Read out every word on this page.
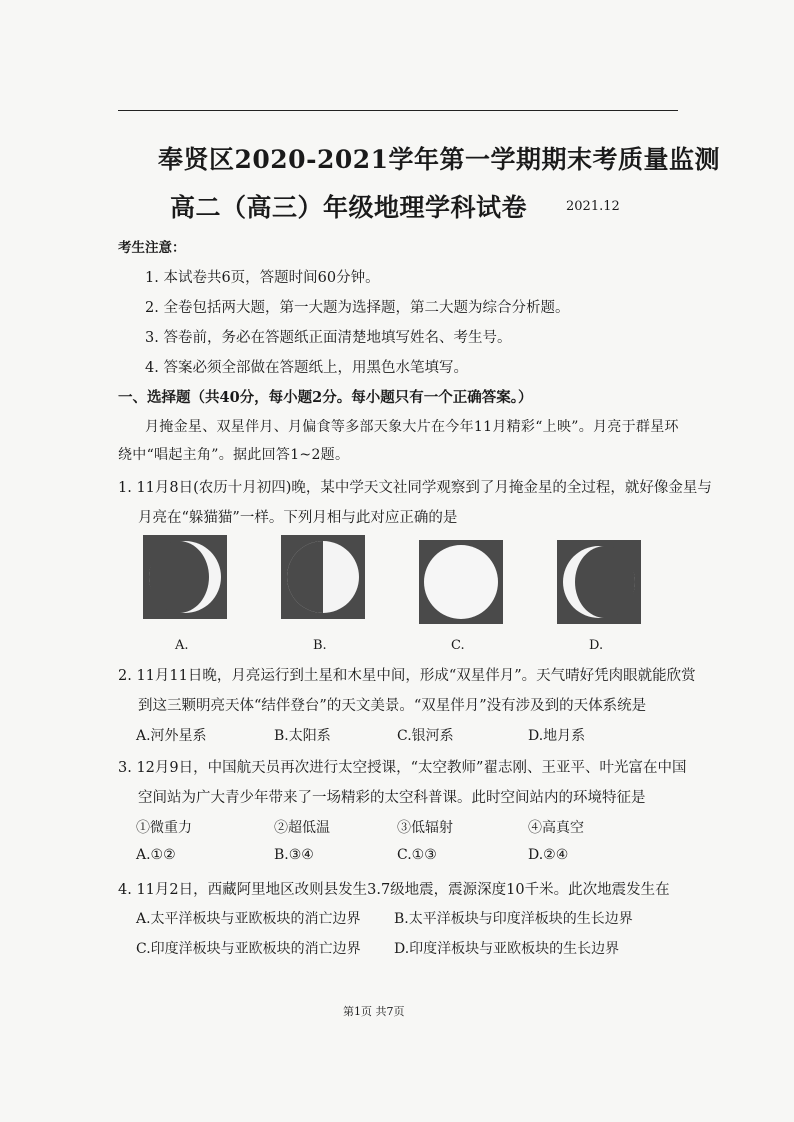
奉贤区2020-2021学年第一学期期末考质量监测
高二（高三）年级地理学科试卷	2021.12
考生注意：
1. 本试卷共6页，答题时间60分钟。
2. 全卷包括两大题，第一大题为选择题，第二大题为综合分析题。
3. 答卷前，务必在答题纸正面清楚地填写姓名、考生号。
4. 答案必须全部做在答题纸上，用黑色水笔填写。
一、选择题（共40分，每小题2分。每小题只有一个正确答案。）
月掩金星、双星伴月、月偏食等多部天象大片在今年11月精彩“上映”。月亮于群星环
绕中“唱起主角”。据此回答1~2题。
1. 11月8日(农历十月初四)晚，某中学天文社同学观察到了月掩金星的全过程，就好像金星与
月亮在“躲猫猫”一样。下列月相与此对应正确的是
A.	B.	C.	D.
2. 11月11日晚，月亮运行到土星和木星中间，形成“双星伴月”。天气晴好凭肉眼就能欣赏
到这三颗明亮天体“结伴登台”的天文美景。“双星伴月”没有涉及到的天体系统是
A.河外星系	B.太阳系	C.银河系	D.地月系
3. 12月9日，中国航天员再次进行太空授课，“太空教师”翟志刚、王亚平、叶光富在中国
空间站为广大青少年带来了一场精彩的太空科普课。此时空间站内的环境特征是
①微重力	②超低温	③低辐射	④高真空
A.①②	B.③④	C.①③	D.②④
4. 11月2日，西藏阿里地区改则县发生3.7级地震，震源深度10千米。此次地震发生在
A.太平洋板块与亚欧板块的消亡边界 B.太平洋板块与印度洋板块的生长边界
C.印度洋板块与亚欧板块的消亡边界 D.印度洋板块与亚欧板块的生长边界
第1页 共7页
